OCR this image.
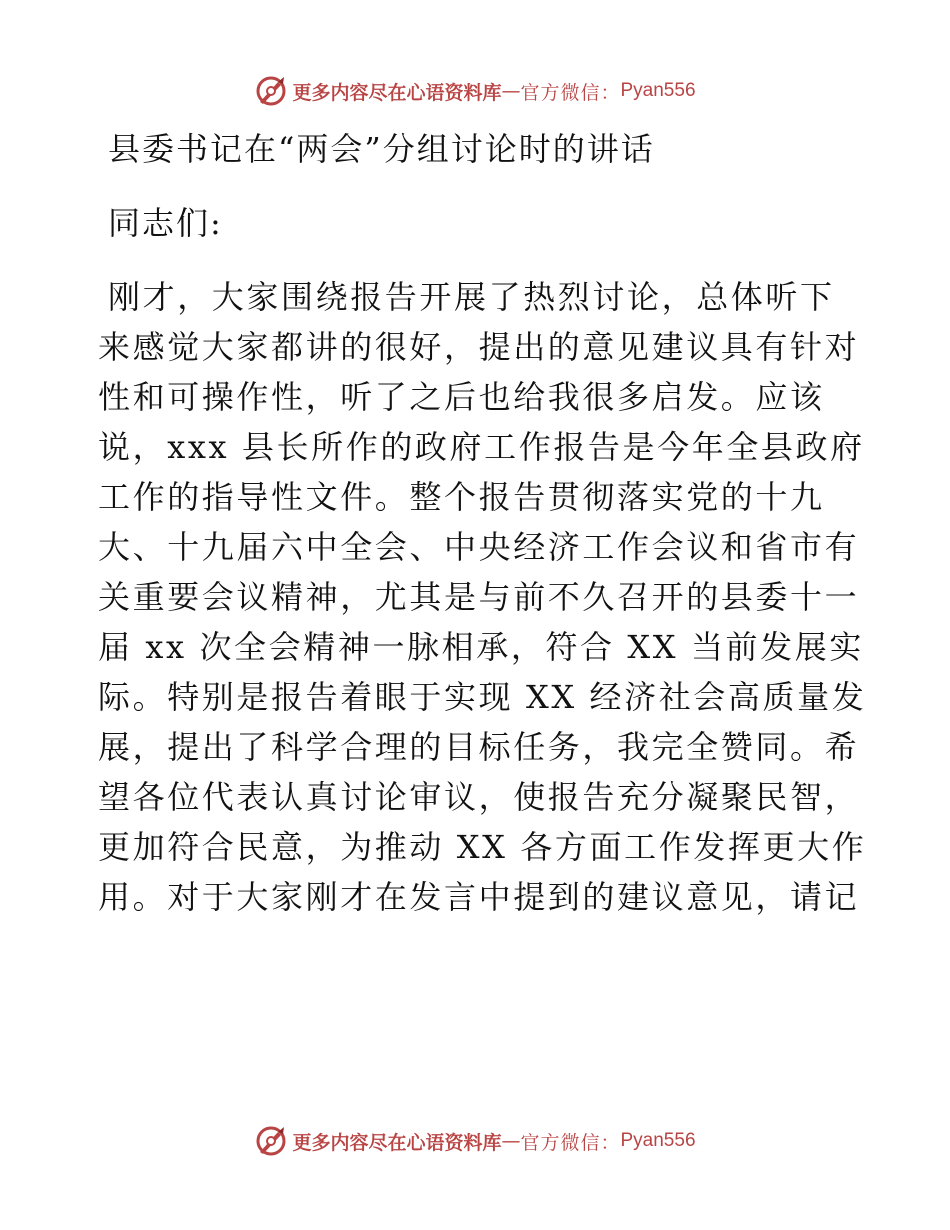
更多内容尽在心语资料库 — 官方微信： Pyan556
县委书记在“两会”分组讨论时的讲话
同志们:
刚才，大家围绕报告开展了热烈讨论，总体听下
来感觉大家都讲的很好，提出的意见建议具有针对
性和可操作性，听了之后也给我很多启发。应该
说，xxx 县长所作的政府工作报告是今年全县政府
工作的指导性文件。整个报告贯彻落实党的十九
大、十九届六中全会、中央经济工作会议和省市有
关重要会议精神，尤其是与前不久召开的县委十一
届 xx 次全会精神一脉相承，符合 XX 当前发展实
际。特别是报告着眼于实现 XX 经济社会高质量发
展，提出了科学合理的目标任务，我完全赞同。希
望各位代表认真讨论审议，使报告充分凝聚民智，
更加符合民意，为推动 XX 各方面工作发挥更大作
用。对于大家刚才在发言中提到的建议意见，请记
更多内容尽在心语资料库 — 官方微信： Pyan556
